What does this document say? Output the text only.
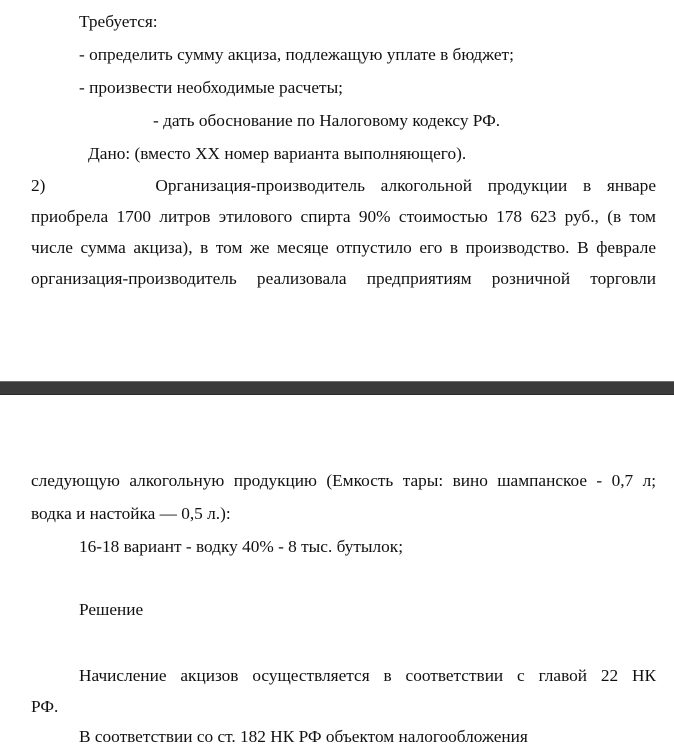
Требуется:
- определить сумму акциза, подлежащую уплате в бюджет;
- произвести необходимые расчеты;
- дать обоснование по Налоговому кодексу РФ.
Дано: (вместо ХХ номер варианта выполняющего).
2)       Организация-производитель алкогольной продукции в январе
приобрела 1700 литров этилового спирта 90% стоимостью 178 623 руб., (в том
числе сумма акциза), в том же месяце отпустило его в производство. В феврале
организация-производитель реализовала предприятиям розничной торговли
следующую алкогольную продукцию (Емкость тары: вино шампанское - 0,7 л;
водка и настойка — 0,5 л.):
16-18 вариант - водку 40% - 8 тыс. бутылок;
Решение
Начисление акцизов осуществляется в соответствии с главой 22 НК
РФ.
В соответствии со ст. 182 НК РФ объектом налогообложения
